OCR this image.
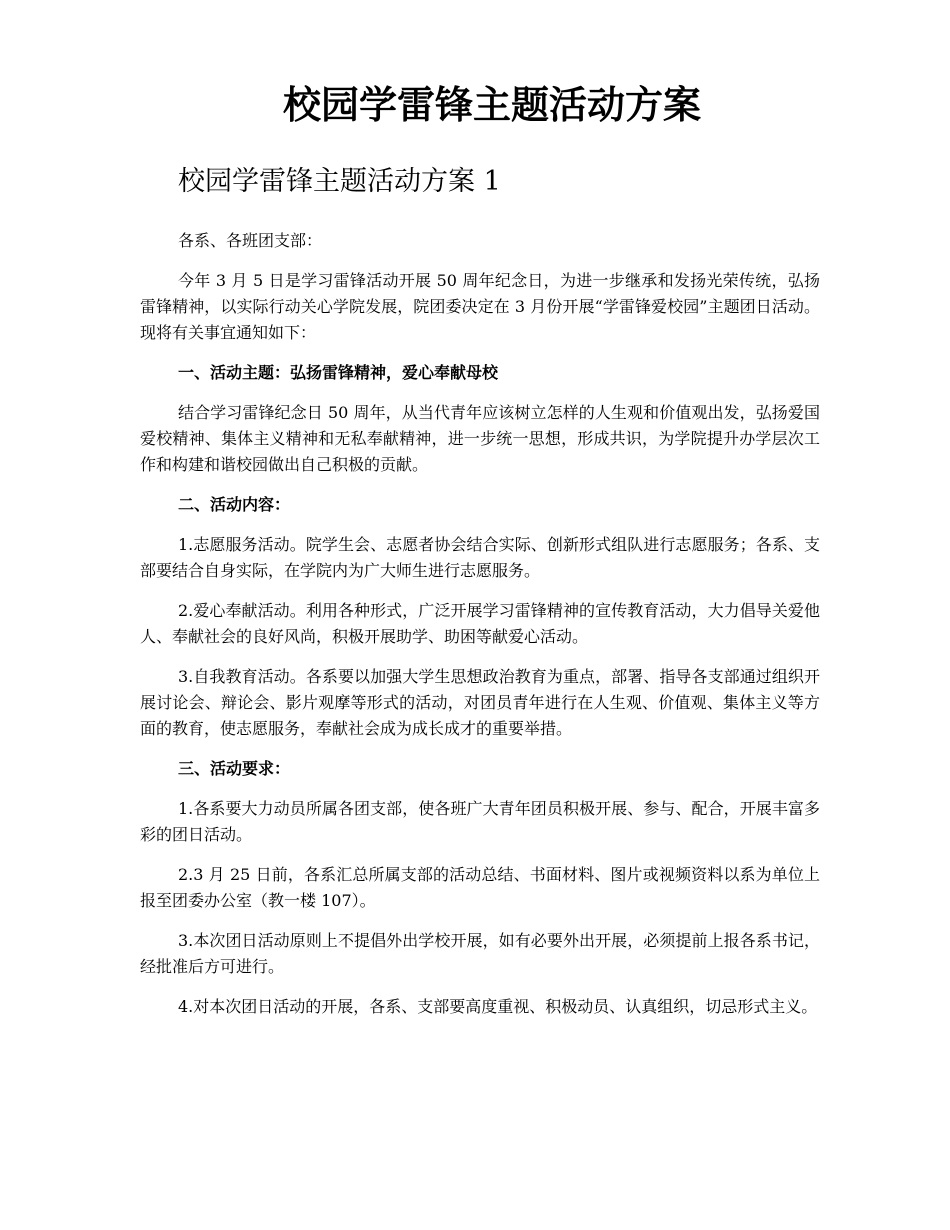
校园学雷锋主题活动方案
校园学雷锋主题活动方案 1

各系、各班团支部：

今年 3 月 5 日是学习雷锋活动开展 50 周年纪念日，为进一步继承和发扬光荣传统，弘扬雷锋精神，以实际行动关心学院发展，院团委决定在 3 月份开展“学雷锋爱校园”主题团日活动。现将有关事宜通知如下：

一、活动主题：弘扬雷锋精神，爱心奉献母校

结合学习雷锋纪念日 50 周年，从当代青年应该树立怎样的人生观和价值观出发，弘扬爱国爱校精神、集体主义精神和无私奉献精神，进一步统一思想，形成共识，为学院提升办学层次工作和构建和谐校园做出自己积极的贡献。

二、活动内容：

1.志愿服务活动。院学生会、志愿者协会结合实际、创新形式组队进行志愿服务；各系、支部要结合自身实际，在学院内为广大师生进行志愿服务。

2.爱心奉献活动。利用各种形式，广泛开展学习雷锋精神的宣传教育活动，大力倡导关爱他人、奉献社会的良好风尚，积极开展助学、助困等献爱心活动。

3.自我教育活动。各系要以加强大学生思想政治教育为重点，部署、指导各支部通过组织开展讨论会、辩论会、影片观摩等形式的活动，对团员青年进行在人生观、价值观、集体主义等方面的教育，使志愿服务，奉献社会成为成长成才的重要举措。

三、活动要求：

1.各系要大力动员所属各团支部，使各班广大青年团员积极开展、参与、配合，开展丰富多彩的团日活动。

2.3 月 25 日前，各系汇总所属支部的活动总结、书面材料、图片或视频资料以系为单位上报至团委办公室（教一楼 107）。

3.本次团日活动原则上不提倡外出学校开展，如有必要外出开展，必须提前上报各系书记，经批准后方可进行。

4.对本次团日活动的开展，各系、支部要高度重视、积极动员、认真组织，切忌形式主义。
